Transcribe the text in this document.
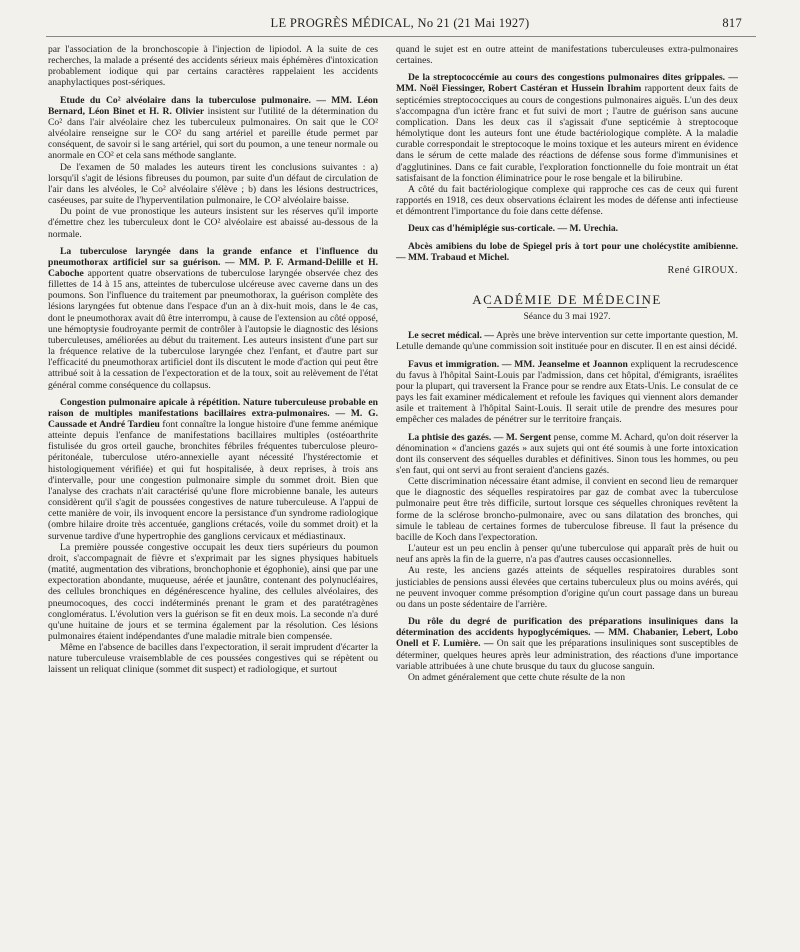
LE PROGRÈS MÉDICAL, No 21 (21 Mai 1927)	817

par l'association de la bronchoscopie à l'injection de lipiodol. A la suite de ces recherches, la malade a présenté des accidents sérieux mais éphémères d'intoxication probablement iodique qui par certains caractères rappelaient les accidents anaphylactiques post-sériques.

Etude du Co² alvéolaire dans la tuberculose pulmonaire. — MM. Léon Bernard, Léon Binet et H. R. Olivier insistent sur l'utilité de la détermination du Co² dans l'air alvéolaire chez les tuberculeux pulmonaires. On sait que le CO² alvéolaire renseigne sur le CO² du sang artériel et pareille étude permet par conséquent, de savoir si le sang artériel, qui sort du poumon, a une teneur normale ou anormale en CO² et cela sans méthode sanglante.

De l'examen de 50 malades les auteurs tirent les conclusions suivantes : a) lorsqu'il s'agit de lésions fibreuses du poumon, par suite d'un défaut de circulation de l'air dans les alvéoles, le Co² alvéolaire s'élève ; b) dans les lésions destructrices, caséeuses, par suite de l'hyperventilation pulmonaire, le CO² alvéolaire baisse.

Du point de vue pronostique les auteurs insistent sur les réserves qu'il importe d'émettre chez les tuberculeux dont le CO² alvéolaire est abaissé au-dessous de la normale.

La tuberculose laryngée dans la grande enfance et l'influence du pneumothorax artificiel sur sa guérison. — MM. P. F. Armand-Delille et H. Caboche apportent quatre observations de tuberculose laryngée observée chez des fillettes de 14 à 15 ans, atteintes de tuberculose ulcéreuse avec caverne dans un des poumons. Son l'influence du traitement par pneumothorax, la guérison complète des lésions laryngées fut obtenue dans l'espace d'un an à dix-huit mois, dans le 4e cas, dont le pneumothorax avait dû être interrompu, à cause de l'extension au côté opposé, une hémoptysie foudroyante permit de contrôler à l'autopsie le diagnostic des lésions tuberculeuses, améliorées au début du traitement. Les auteurs insistent d'une part sur la fréquence relative de la tuberculose laryngée chez l'enfant, et d'autre part sur l'efficacité du pneumothorax artificiel dont ils discutent le mode d'action qui peut être attribué soit à la cessation de l'expectoration et de la toux, soit au relèvement de l'état général comme conséquence du collapsus.

Congestion pulmonaire apicale à répétition. Nature tuberculeuse probable en raison de multiples manifestations bacillaires extra-pulmonaires. — M. G. Caussade et André Tardieu font connaître la longue histoire d'une femme anémique atteinte depuis l'enfance de manifestations bacillaires multiples (ostéoarthrite fistulisée du gros orteil gauche, bronchites fébriles fréquentes tuberculose pleuro-péritonéale, tuberculose utéro-annexielle ayant nécessité l'hystérectomie et histologiquement vérifiée) et qui fut hospitalisée, à deux reprises, à trois ans d'intervalle, pour une congestion pulmonaire simple du sommet droit. Bien que l'analyse des crachats n'ait caractérisé qu'une flore microbienne banale, les auteurs considèrent qu'il s'agit de poussées congestives de nature tuberculeuse. A l'appui de cette manière de voir, ils invoquent encore la persistance d'un syndrome radiologique (ombre hilaire droite très accentuée, ganglions crétacés, voile du sommet droit) et la survenue tardive d'une hypertrophie des ganglions cervicaux et médiastinaux.

La première poussée congestive occupait les deux tiers supérieurs du poumon droit, s'accompagnait de fièvre et s'exprimait par les signes physiques habituels (matité, augmentation des vibrations, bronchophonie et égophonie), ainsi que par une expectoration abondante, muqueuse, aérée et jaunâtre, contenant des polynucléaires, des cellules bronchiques en dégénérescence hyaline, des cellules alvéolaires, des pneumocoques, des cocci indéterminés prenant le gram et des paratétragènes conglomératus. L'évolution vers la guérison se fit en deux mois. La seconde n'a duré qu'une huitaine de jours et se termina également par la résolution. Ces lésions pulmonaires étaient indépendantes d'une maladie mitrale bien compensée.

Même en l'absence de bacilles dans l'expectoration, il serait imprudent d'écarter la nature tuberculeuse vraisemblable de ces poussées congestives qui se répètent ou laissent un reliquat clinique (sommet dit suspect) et radiologique, et surtout

quand le sujet est en outre atteint de manifestations tuberculeuses extra-pulmonaires certaines.

De la streptococcémie au cours des congestions pulmonaires dites grippales. — MM. Noël Fiessinger, Robert Castéran et Hussein Ibrahim rapportent deux faits de septicémies streptococciques au cours de congestions pulmonaires aiguës. L'un des deux s'accompagna d'un ictère franc et fut suivi de mort ; l'autre de guérison sans aucune complication. Dans les deux cas il s'agissait d'une septicémie à streptocoque hémolytique dont les auteurs font une étude bactériologique complète. A la maladie curable correspondait le streptocoque le moins toxique et les auteurs mirent en évidence dans le sérum de cette malade des réactions de défense sous forme d'immunisines et d'agglutinines. Dans ce fait curable, l'exploration fonctionnelle du foie montrait un état satisfaisant de la fonction éliminatrice pour le rose bengale et la bilirubine.

A côté du fait bactériologique complexe qui rapproche ces cas de ceux qui furent rapportés en 1918, ces deux observations éclairent les modes de défense anti infectieuse et démontrent l'importance du foie dans cette défense.

Deux cas d'hémiplégie sus-corticale. — M. Urechia.

Abcès amibiens du lobe de Spiegel pris à tort pour une cholécystite amibienne. — MM. Trabaud et Michel.

René GIROUX.

ACADÉMIE DE MÉDECINE

Séance du 3 mai 1927.

Le secret médical. — Après une brève intervention sur cette importante question, M. Letulle demande qu'une commission soit instituée pour en discuter. Il en est ainsi décidé.

Favus et immigration. — MM. Jeanselme et Joannon expliquent la recrudescence du favus à l'hôpital Saint-Louis par l'admission, dans cet hôpital, d'émigrants, israélites pour la plupart, qui traversent la France pour se rendre aux Etats-Unis. Le consulat de ce pays les fait examiner médicalement et refoule les faviques qui viennent alors demander asile et traitement à l'hôpital Saint-Louis. Il serait utile de prendre des mesures pour empêcher ces malades de pénétrer sur le territoire français.

La phtisie des gazés. — M. Sergent pense, comme M. Achard, qu'on doit réserver la dénomination « d'anciens gazés » aux sujets qui ont été soumis à une forte intoxication dont ils conservent des séquelles durables et définitives. Sinon tous les hommes, ou peu s'en faut, qui ont servi au front seraient d'anciens gazés.

Cette discrimination nécessaire étant admise, il convient en second lieu de remarquer que le diagnostic des séquelles respiratoires par gaz de combat avec la tuberculose pulmonaire peut être très difficile, surtout lorsque ces séquelles chroniques revêtent la forme de la sclérose broncho-pulmonaire, avec ou sans dilatation des bronches, qui simule le tableau de certaines formes de tuberculose fibreuse. Il faut la présence du bacille de Koch dans l'expectoration.

L'auteur est un peu enclin à penser qu'une tuberculose qui apparaît près de huit ou neuf ans après la fin de la guerre, n'a pas d'autres causes occasionnelles.

Au reste, les anciens gazés atteints de séquelles respiratoires durables sont justiciables de pensions aussi élevées que certains tuberculeux plus ou moins avérés, qui ne peuvent invoquer comme présomption d'origine qu'un court passage dans un bureau ou dans un poste sédentaire de l'arrière.

Du rôle du degré de purification des préparations insuliniques dans la détermination des accidents hypoglycémiques. — MM. Chabanier, Lebert, Lobo Onell et F. Lumière. — On sait que les préparations insuliniques sont susceptibles de déterminer, quelques heures après leur administration, des réactions d'une importance variable attribuées à une chute brusque du taux du glucose sanguin.

On admet généralement que cette chute résulte de la non
